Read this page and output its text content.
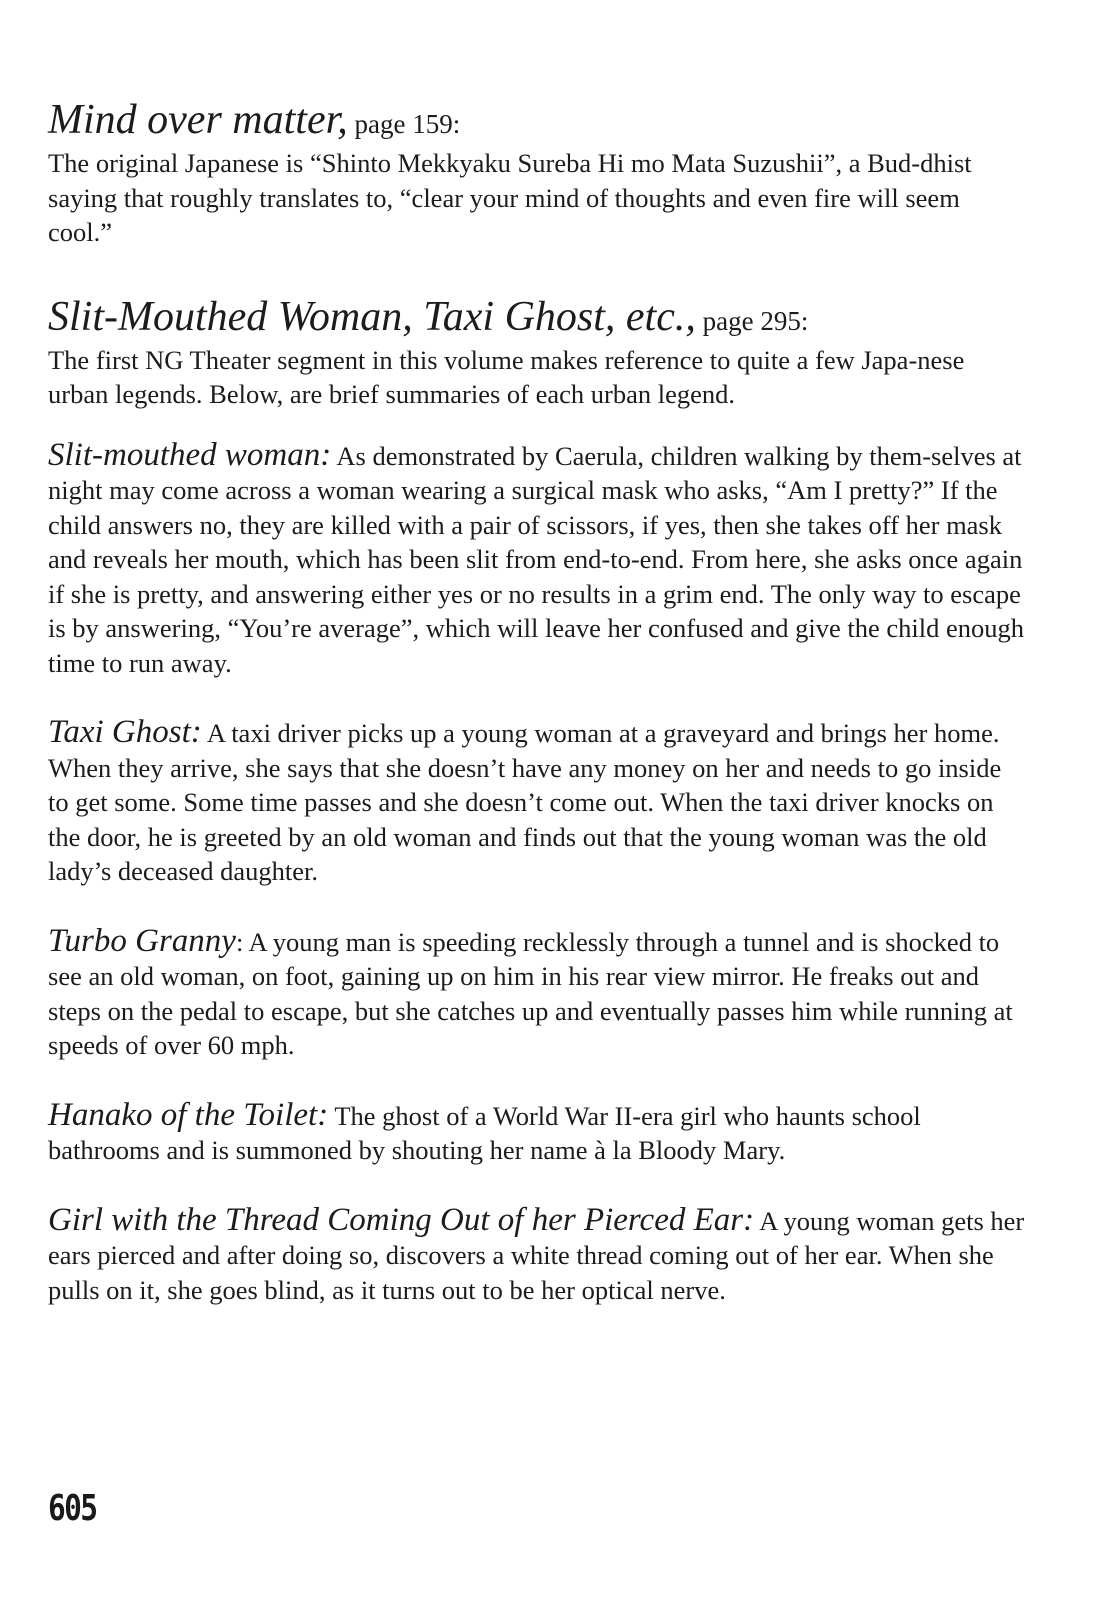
Mind over matter, page 159:

The original Japanese is “Shinto Mekkyaku Sureba Hi mo Mata Suzushii”, a Bud-dhist saying that roughly translates to, “clear your mind of thoughts and even fire will seem cool.”

Slit-Mouthed Woman, Taxi Ghost, etc., page 295:

The first NG Theater segment in this volume makes reference to quite a few Japa-nese urban legends. Below, are brief summaries of each urban legend.

Slit-mouthed woman: As demonstrated by Caerula, children walking by them-selves at night may come across a woman wearing a surgical mask who asks, “Am I pretty?” If the child answers no, they are killed with a pair of scissors, if yes, then she takes off her mask and reveals her mouth, which has been slit from end-to-end. From here, she asks once again if she is pretty, and answering either yes or no results in a grim end. The only way to escape is by answering, “You’re average”, which will leave her confused and give the child enough time to run away.

Taxi Ghost: A taxi driver picks up a young woman at a graveyard and brings her home. When they arrive, she says that she doesn’t have any money on her and needs to go inside to get some. Some time passes and she doesn’t come out. When the taxi driver knocks on the door, he is greeted by an old woman and finds out that the young woman was the old lady’s deceased daughter.

Turbo Granny: A young man is speeding recklessly through a tunnel and is shocked to see an old woman, on foot, gaining up on him in his rear view mirror. He freaks out and steps on the pedal to escape, but she catches up and eventually passes him while running at speeds of over 60 mph.

Hanako of the Toilet: The ghost of a World War II-era girl who haunts school bathrooms and is summoned by shouting her name à la Bloody Mary.

Girl with the Thread Coming Out of her Pierced Ear: A young woman gets her ears pierced and after doing so, discovers a white thread coming out of her ear. When she pulls on it, she goes blind, as it turns out to be her optical nerve.

605
